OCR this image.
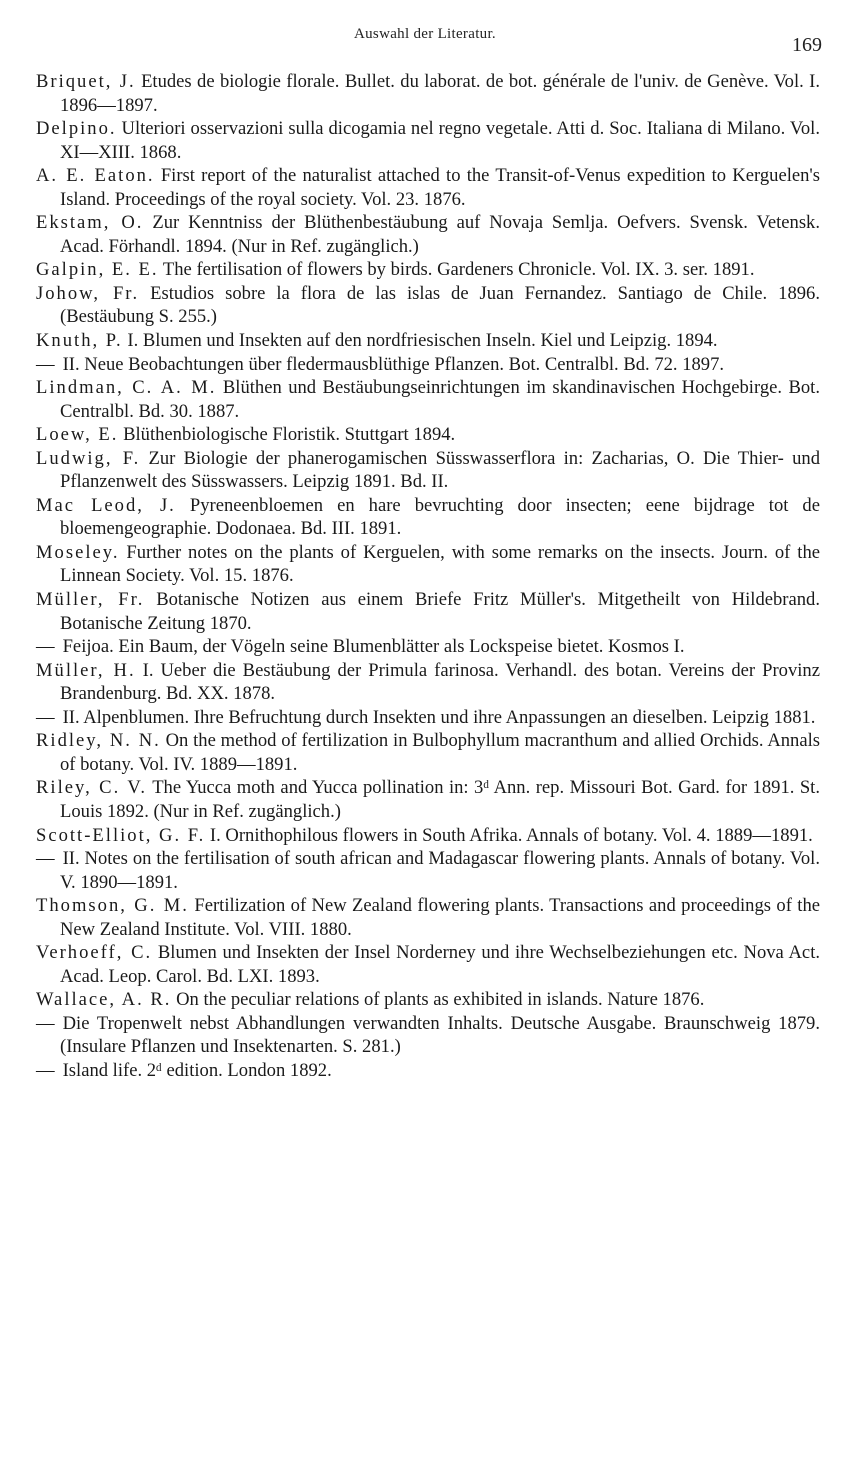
Auswahl der Literatur.	169

Briquet, J. Etudes de biologie florale. Bullet. du laborat. de bot. générale de l'univ. de Genève. Vol. I. 1896—1897.

Delpino. Ulteriori osservazioni sulla dicogamia nel regno vegetale. Atti d. Soc. Italiana di Milano. Vol. XI—XIII. 1868.

A. E. Eaton. First report of the naturalist attached to the Transit-of-Venus expedition to Kerguelen's Island. Proceedings of the royal society. Vol. 23. 1876.

Ekstam, O. Zur Kenntniss der Blüthenbestäubung auf Novaja Semlja. Oefvers. Svensk. Vetensk. Acad. Förhandl. 1894. (Nur in Ref. zugänglich.)

Galpin, E. E. The fertilisation of flowers by birds. Gardeners Chronicle. Vol. IX. 3. ser. 1891.

Johow, Fr. Estudios sobre la flora de las islas de Juan Fernandez. Santiago de Chile. 1896. (Bestäubung S. 255.)

Knuth, P. I. Blumen und Insekten auf den nordfriesischen Inseln. Kiel und Leipzig. 1894.

— II. Neue Beobachtungen über fledermausblüthige Pflanzen. Bot. Centralbl. Bd. 72. 1897.

Lindman, C. A. M. Blüthen und Bestäubungseinrichtungen im skandinavischen Hochgebirge. Bot. Centralbl. Bd. 30. 1887.

Loew, E. Blüthenbiologische Floristik. Stuttgart 1894.

Ludwig, F. Zur Biologie der phanerogamischen Süsswasserflora in: Zacharias, O. Die Thier- und Pflanzenwelt des Süsswassers. Leipzig 1891. Bd. II.

Mac Leod, J. Pyreneenbloemen en hare bevruchting door insecten; eene bijdrage tot de bloemengeographie. Dodonaea. Bd. III. 1891.

Moseley. Further notes on the plants of Kerguelen, with some remarks on the insects. Journ. of the Linnean Society. Vol. 15. 1876.

Müller, Fr. Botanische Notizen aus einem Briefe Fritz Müller's. Mitgetheilt von Hildebrand. Botanische Zeitung 1870.

— Feijoa. Ein Baum, der Vögeln seine Blumenblätter als Lockspeise bietet. Kosmos I.

Müller, H. I. Ueber die Bestäubung der Primula farinosa. Verhandl. des botan. Vereins der Provinz Brandenburg. Bd. XX. 1878.

— II. Alpenblumen. Ihre Befruchtung durch Insekten und ihre Anpassungen an dieselben. Leipzig 1881.

Ridley, N. N. On the method of fertilization in Bulbophyllum macranthum and allied Orchids. Annals of botany. Vol. IV. 1889—1891.

Riley, C. V. The Yucca moth and Yucca pollination in: 3ᵈ Ann. rep. Missouri Bot. Gard. for 1891. St. Louis 1892. (Nur in Ref. zugänglich.)

Scott-Elliot, G. F. I. Ornithophilous flowers in South Afrika. Annals of botany. Vol. 4. 1889—1891.

— II. Notes on the fertilisation of south african and Madagascar flowering plants. Annals of botany. Vol. V. 1890—1891.

Thomson, G. M. Fertilization of New Zealand flowering plants. Transactions and proceedings of the New Zealand Institute. Vol. VIII. 1880.

Verhoeff, C. Blumen und Insekten der Insel Norderney und ihre Wechselbeziehungen etc. Nova Act. Acad. Leop. Carol. Bd. LXI. 1893.

Wallace, A. R. On the peculiar relations of plants as exhibited in islands. Nature 1876.

— Die Tropenwelt nebst Abhandlungen verwandten Inhalts. Deutsche Ausgabe. Braunschweig 1879. (Insulare Pflanzen und Insektenarten. S. 281.)

— Island life. 2ᵈ edition. London 1892.
